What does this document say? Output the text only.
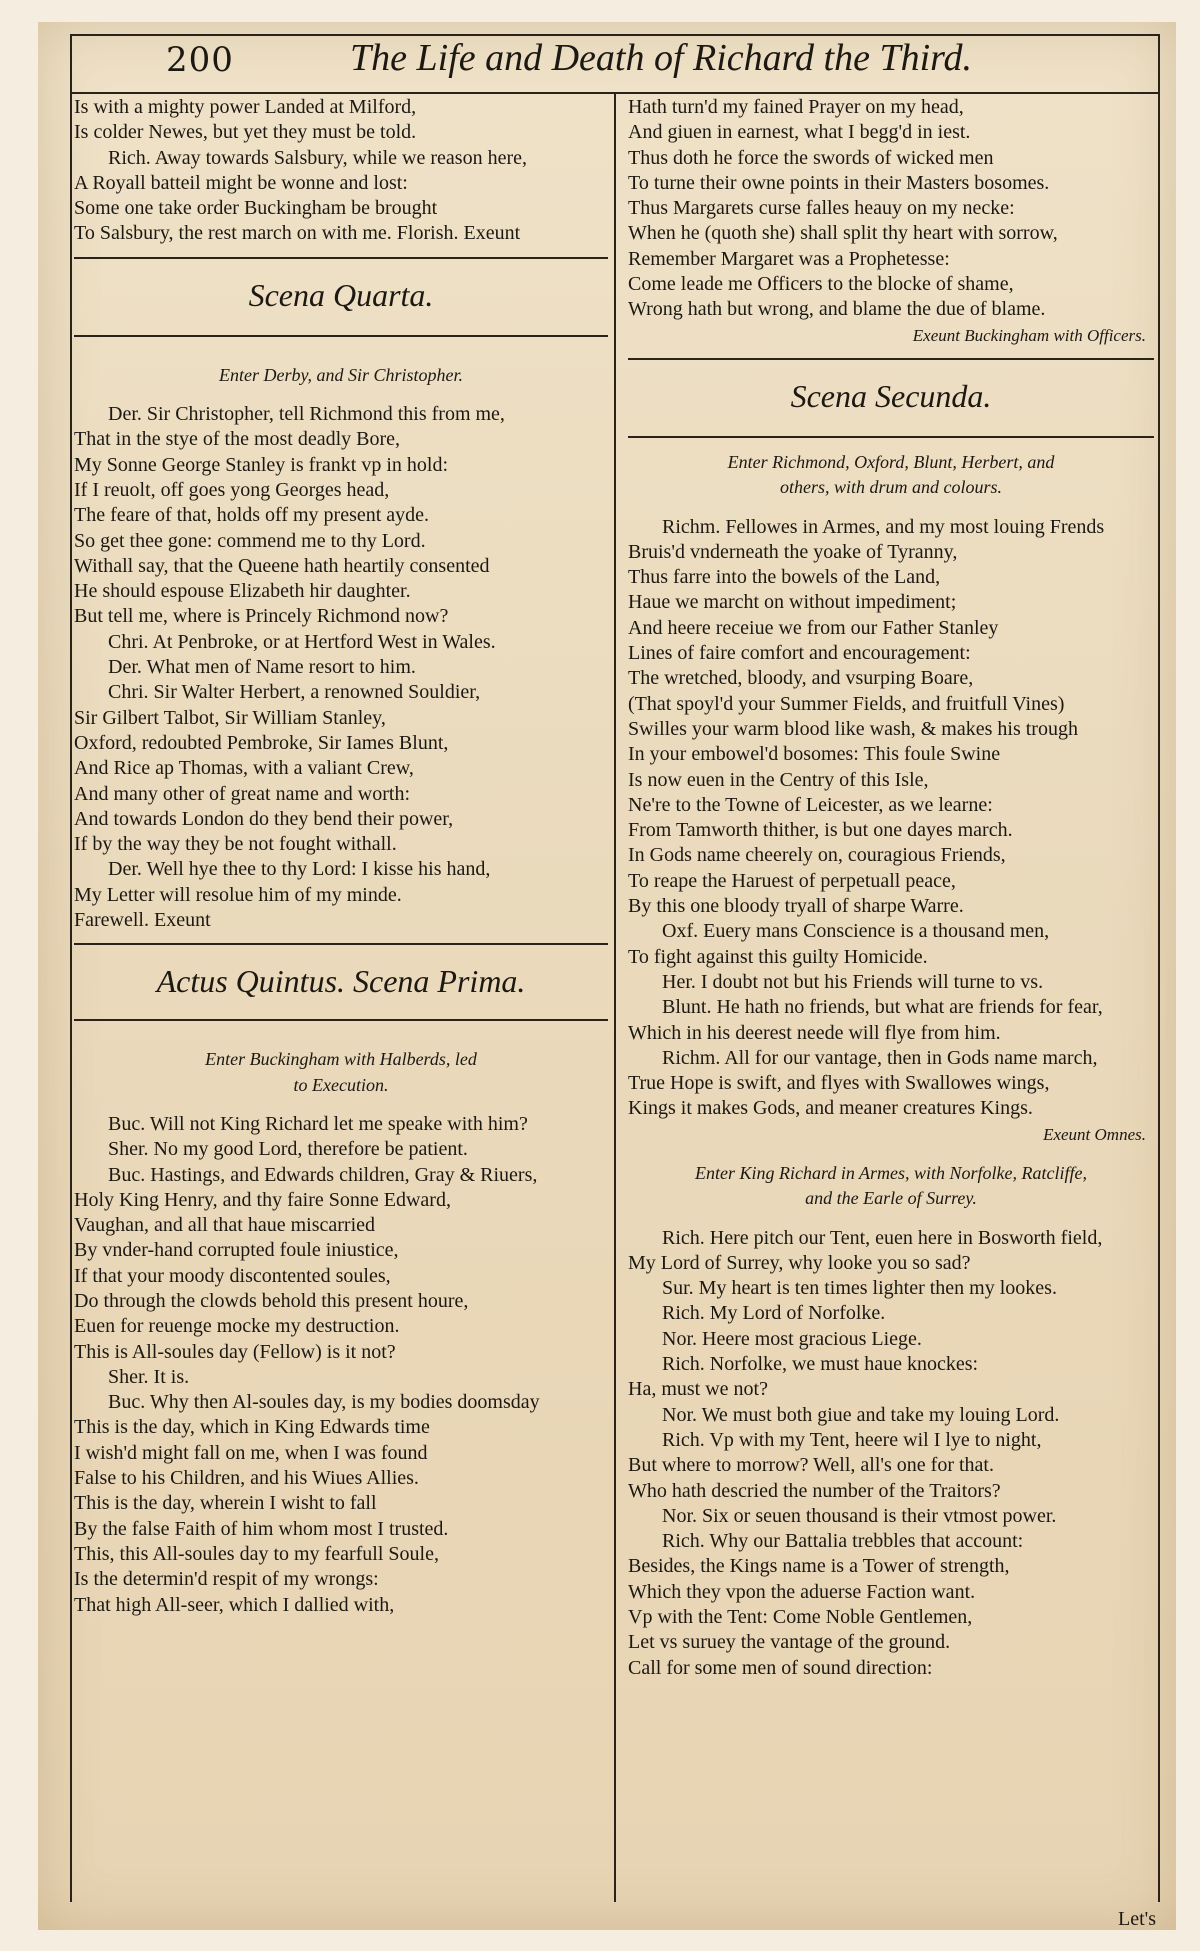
200	The Life and Death of Richard the Third.
Is with a mighty power Landed at Milford,
Is colder Newes, but yet they must be told.
Rich. Away towards Salsbury, while we reason here,
A Royall batteil might be wonne and lost:
Some one take order Buckingham be brought
To Salsbury, the rest march on with me. Florish. Exeunt
Scena Quarta.
Enter Derby, and Sir Christopher.
Der. Sir Christopher, tell Richmond this from me,
That in the stye of the most deadly Bore,
My Sonne George Stanley is frankt vp in hold:
If I reuolt, off goes yong Georges head,
The feare of that, holds off my present ayde.
So get thee gone: commend me to thy Lord.
Withall say, that the Queene hath heartily consented
He should espouse Elizabeth hir daughter.
But tell me, where is Princely Richmond now?
Chri. At Penbroke, or at Hertford West in Wales.
Der. What men of Name resort to him.
Chri. Sir Walter Herbert, a renowned Souldier,
Sir Gilbert Talbot, Sir William Stanley,
Oxford, redoubted Pembroke, Sir Iames Blunt,
And Rice ap Thomas, with a valiant Crew,
And many other of great name and worth:
And towards London do they bend their power,
If by the way they be not fought withall.
Der. Well hye thee to thy Lord: I kisse his hand,
My Letter will resolue him of my minde.
Farewell. Exeunt
Actus Quintus. Scena Prima.
Enter Buckingham with Halberds, led
to Execution.
Buc. Will not King Richard let me speake with him?
Sher. No my good Lord, therefore be patient.
Buc. Hastings, and Edwards children, Gray & Riuers,
Holy King Henry, and thy faire Sonne Edward,
Vaughan, and all that haue miscarried
By vnder-hand corrupted foule iniustice,
If that your moody discontented soules,
Do through the clowds behold this present houre,
Euen for reuenge mocke my destruction.
This is All-soules day (Fellow) is it not?
Sher. It is.
Buc. Why then Al-soules day, is my bodies doomsday
This is the day, which in King Edwards time
I wish'd might fall on me, when I was found
False to his Children, and his Wiues Allies.
This is the day, wherein I wisht to fall
By the false Faith of him whom most I trusted.
This, this All-soules day to my fearfull Soule,
Is the determin'd respit of my wrongs:
That high All-seer, which I dallied with,
Hath turn'd my fained Prayer on my head,
And giuen in earnest, what I begg'd in iest.
Thus doth he force the swords of wicked men
To turne their owne points in their Masters bosomes.
Thus Margarets curse falles heauy on my necke:
When he (quoth she) shall split thy heart with sorrow,
Remember Margaret was a Prophetesse:
Come leade me Officers to the blocke of shame,
Wrong hath but wrong, and blame the due of blame.
Exeunt Buckingham with Officers.
Scena Secunda.
Enter Richmond, Oxford, Blunt, Herbert, and
others, with drum and colours.
Richm. Fellowes in Armes, and my most louing Frends
Bruis'd vnderneath the yoake of Tyranny,
Thus farre into the bowels of the Land,
Haue we marcht on without impediment;
And heere receiue we from our Father Stanley
Lines of faire comfort and encouragement:
The wretched, bloody, and vsurping Boare,
(That spoyl'd your Summer Fields, and fruitfull Vines)
Swilles your warm blood like wash, & makes his trough
In your embowel'd bosomes: This foule Swine
Is now euen in the Centry of this Isle,
Ne're to the Towne of Leicester, as we learne:
From Tamworth thither, is but one dayes march.
In Gods name cheerely on, couragious Friends,
To reape the Haruest of perpetuall peace,
By this one bloody tryall of sharpe Warre.
Oxf. Euery mans Conscience is a thousand men,
To fight against this guilty Homicide.
Her. I doubt not but his Friends will turne to vs.
Blunt. He hath no friends, but what are friends for fear,
Which in his deerest neede will flye from him.
Richm. All for our vantage, then in Gods name march,
True Hope is swift, and flyes with Swallowes wings,
Kings it makes Gods, and meaner creatures Kings.
Exeunt Omnes.
Enter King Richard in Armes, with Norfolke, Ratcliffe,
and the Earle of Surrey.
Rich. Here pitch our Tent, euen here in Bosworth field,
My Lord of Surrey, why looke you so sad?
Sur. My heart is ten times lighter then my lookes.
Rich. My Lord of Norfolke.
Nor. Heere most gracious Liege.
Rich. Norfolke, we must haue knockes:
Ha, must we not?
Nor. We must both giue and take my louing Lord.
Rich. Vp with my Tent, heere wil I lye to night,
But where to morrow? Well, all's one for that.
Who hath descried the number of the Traitors?
Nor. Six or seuen thousand is their vtmost power.
Rich. Why our Battalia trebbles that account:
Besides, the Kings name is a Tower of strength,
Which they vpon the aduerse Faction want.
Vp with the Tent: Come Noble Gentlemen,
Let vs suruey the vantage of the ground.
Call for some men of sound direction:
Let's
